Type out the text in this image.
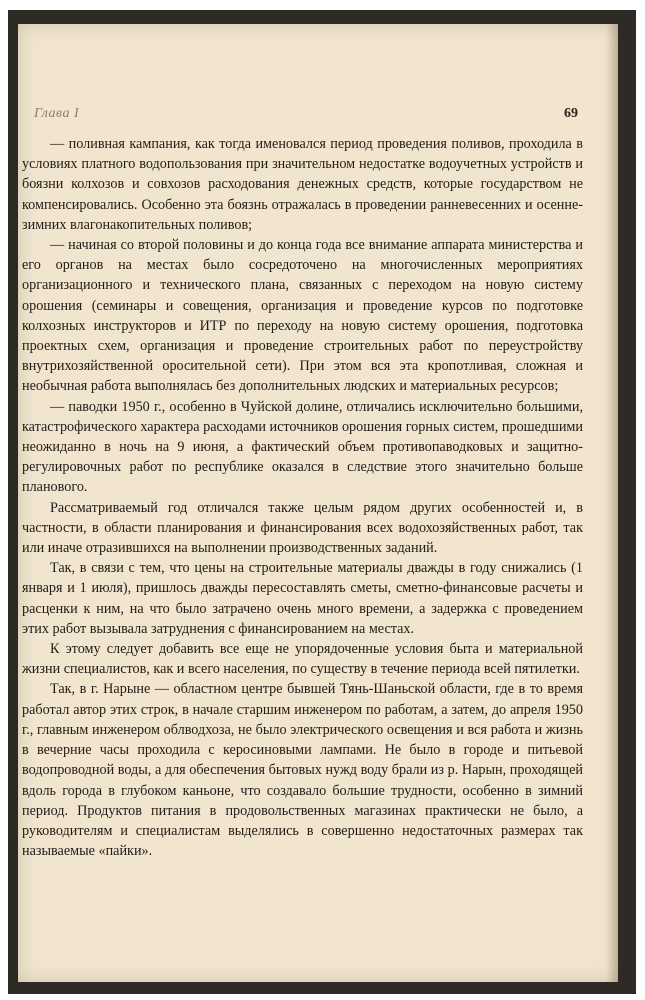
Глава I	69

— поливная кампания, как тогда именовался период проведения поливов, проходила в условиях платного водопользования при значительном недостатке водоучетных устройств и боязни колхозов и совхозов расходования денежных средств, которые государством не компенсировались. Особенно эта боязнь отражалась в проведении ранневесенних и осенне-зимних влагонакопительных поливов;

— начиная со второй половины и до конца года все внимание аппарата министерства и его органов на местах было сосредоточено на многочисленных мероприятиях организационного и технического плана, связанных с переходом на новую систему орошения (семинары и совещения, организация и проведение курсов по подготовке колхозных инструкторов и ИТР по переходу на новую систему орошения, подготовка проектных схем, организация и проведение строительных работ по переустройству внутрихозяйственной оросительной сети). При этом вся эта кропотливая, сложная и необычная работа выполнялась без дополнительных людских и материальных ресурсов;

— паводки 1950 г., особенно в Чуйской долине, отличались исключительно большими, катастрофического характера расходами источников орошения горных систем, прошедшими неожиданно в ночь на 9 июня, а фактический объем противопаводковых и защитно-регулировочных работ по республике оказался в следствие этого значительно больше планового.

Рассматриваемый год отличался также целым рядом других особенностей и, в частности, в области планирования и финансирования всех водохозяйственных работ, так или иначе отразившихся на выполнении производственных заданий.

Так, в связи с тем, что цены на строительные материалы дважды в году снижались (1 января и 1 июля), пришлось дважды пересоставлять сметы, сметно-финансовые расчеты и расценки к ним, на что было затрачено очень много времени, а задержка с проведением этих работ вызывала затруднения с финансированием на местах.

К этому следует добавить все еще не упорядоченные условия быта и материальной жизни специалистов, как и всего населения, по существу в течение периода всей пятилетки.

Так, в г. Нарыне — областном центре бывшей Тянь-Шаньской области, где в то время работал автор этих строк, в начале старшим инженером по работам, а затем, до апреля 1950 г., главным инженером облводхоза, не было электрического освещения и вся работа и жизнь в вечерние часы проходила с керосиновыми лампами. Не было в городе и питьевой водопроводной воды, а для обеспечения бытовых нужд воду брали из р. Нарын, проходящей вдоль города в глубоком каньоне, что создавало большие трудности, особенно в зимний период. Продуктов питания в продовольственных магазинах практически не было, а руководителям и специалистам выделялись в совершенно недостаточных размерах так называемые «пайки».
